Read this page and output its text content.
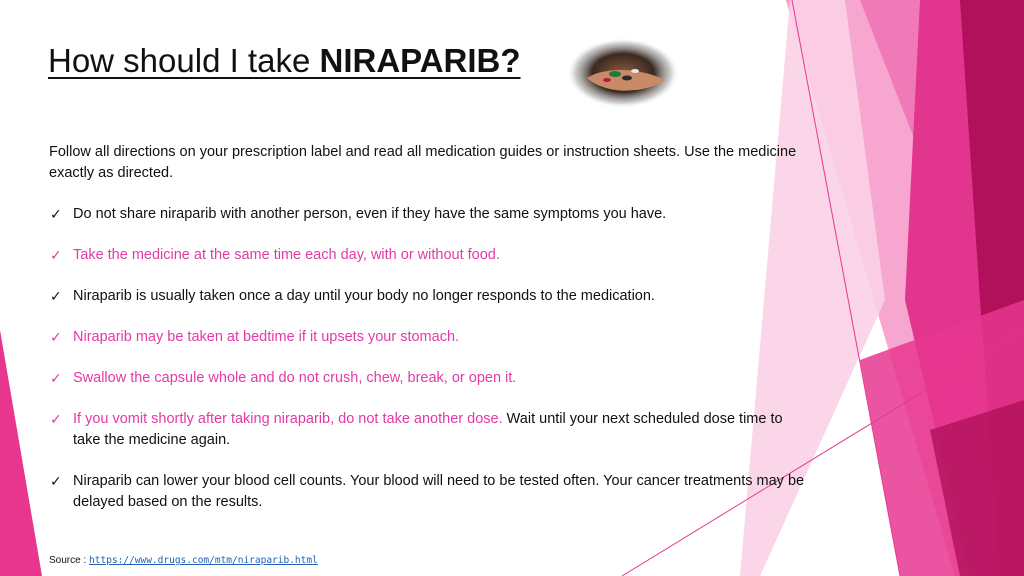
How should I take NIRAPARIB?

Follow all directions on your prescription label and read all medication guides or instruction sheets. Use the medicine exactly as directed.

✓ Do not share niraparib with another person, even if they have the same symptoms you have.
✓ Take the medicine at the same time each day, with or without food.
✓ Niraparib is usually taken once a day until your body no longer responds to the medication.
✓ Niraparib may be taken at bedtime if it upsets your stomach.
✓ Swallow the capsule whole and do not crush, chew, break, or open it.
✓ If you vomit shortly after taking niraparib, do not take another dose. Wait until your next scheduled dose time to take the medicine again.
✓ Niraparib can lower your blood cell counts. Your blood will need to be tested often. Your cancer treatments may be delayed based on the results.
Source : https://www.drugs.com/mtm/niraparib.html
